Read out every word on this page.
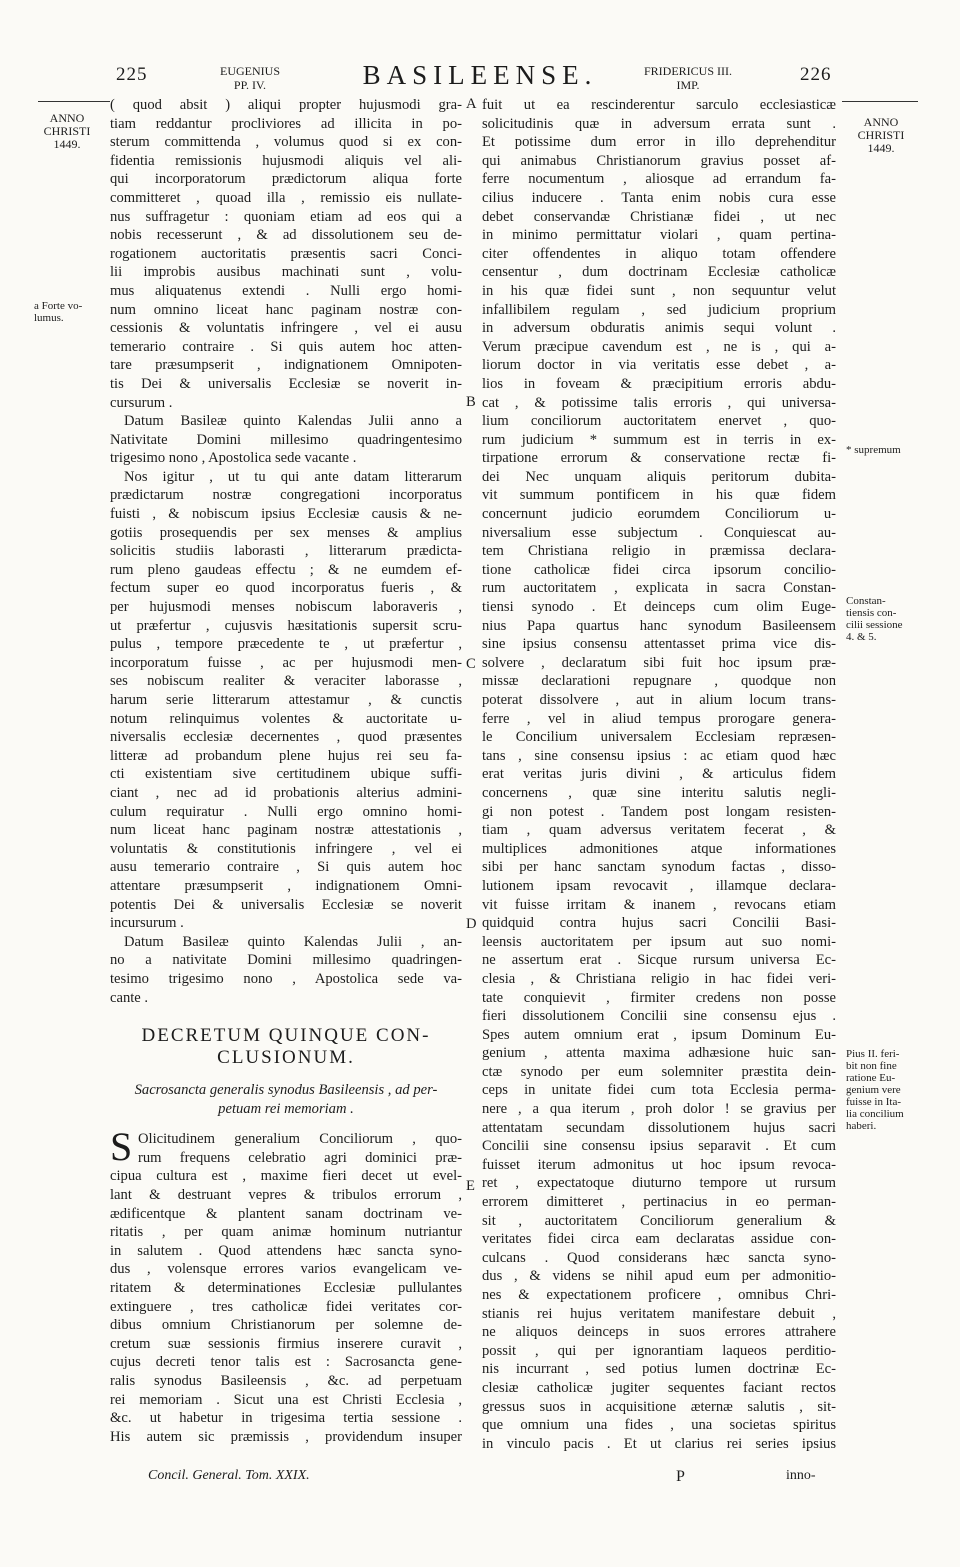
225	EUGENIUS
PP. IV.	BASILEENSE.	FRIDERICUS III.
IMP.	226
ANNO
CHRISTI
1449.
a Forte vo-
lumus.
ANNO
CHRISTI
1449.
* supremum
Constan-
tiensis con-
cilii sessione
4. & 5.
Pius II. feri-
bit non fine
ratione Eu-
genium vere
fuisse in Ita-
lia concilium
haberi.
A
B
C
D
E
( quod absit ) aliqui propter hujusmodi gra-
tiam reddantur procliviores ad illicita in po-
sterum committenda , volumus quod si ex con-
fidentia remissionis hujusmodi aliquis vel ali-
qui incorporatorum prædictorum aliqua forte
committeret , quoad illa , remissio eis nullate-
nus suffragetur : quoniam etiam ad eos qui a
nobis recesserunt , & ad dissolutionem seu de-
rogationem auctoritatis præsentis sacri Conci-
lii improbis ausibus machinati sunt , volu-
mus aliquatenus extendi . Nulli ergo homi-
num omnino liceat hanc paginam nostræ con-
cessionis & voluntatis infringere , vel ei ausu
temerario contraire . Si quis autem hoc atten-
tare præsumpserit , indignationem Omnipoten-
tis Dei & universalis Ecclesiæ se noverit in-
cursurum .
Datum Basileæ quinto Kalendas Julii anno a
Nativitate Domini millesimo quadringentesimo
trigesimo nono , Apostolica sede vacante .
Nos igitur , ut tu qui ante datam litterarum
prædictarum nostræ congregationi incorporatus
fuisti , & nobiscum ipsius Ecclesiæ causis & ne-
gotiis prosequendis per sex menses & amplius
solicitis studiis laborasti , litterarum prædicta-
rum pleno gaudeas effectu ; & ne eumdem ef-
fectum super eo quod incorporatus fueris , &
per hujusmodi menses nobiscum laboraveris ,
ut præfertur , cujusvis hæsitationis supersit scru-
pulus , tempore præcedente te , ut præfertur ,
incorporatum fuisse , ac per hujusmodi men-
ses nobiscum realiter & veraciter laborasse ,
harum serie litterarum attestamur , & cunctis
notum relinquimus volentes & auctoritate u-
niversalis ecclesiæ decernentes , quod præsentes
litteræ ad probandum plene hujus rei seu fa-
cti existentiam sive certitudinem ubique suffi-
ciant , nec ad id probationis alterius admini-
culum requiratur . Nulli ergo omnino homi-
num liceat hanc paginam nostræ attestationis ,
voluntatis & constitutionis infringere , vel ei
ausu temerario contraire , Si quis autem hoc
attentare præsumpserit , indignationem Omni-
potentis Dei & universalis Ecclesiæ se noverit
incursurum .
Datum Basileæ quinto Kalendas Julii , an-
no a nativitate Domini millesimo quadringen-
tesimo trigesimo nono , Apostolica sede va-
cante .
DECRETUM QUINQUE CON-
CLUSIONUM.
Sacrosancta generalis synodus Basileensis , ad per-
petuam rei memoriam .
S Olicitudinem generalium Conciliorum , quo-
rum frequens celebratio agri dominici præ-
cipua cultura est , maxime fieri decet ut evel-
lant & destruant vepres & tribulos errorum ,
ædificentque & plantent sanam doctrinam ve-
ritatis , per quam animæ hominum nutriantur
in salutem . Quod attendens hæc sancta syno-
dus , volensque errores varios evangelicam ve-
ritatem & determinationes Ecclesiæ pullulantes
extinguere , tres catholicæ fidei veritates cor-
dibus omnium Christianorum per solemne de-
cretum suæ sessionis firmius inserere curavit ,
cujus decreti tenor talis est : Sacrosancta gene-
ralis synodus Basileensis , &c. ad perpetuam
rei memoriam . Sicut una est Christi Ecclesia ,
&c. ut habetur in trigesima tertia sessione .
His autem sic præmissis , providendum insuper
fuit ut ea rescinderentur sarculo ecclesiasticæ
solicitudinis quæ in adversum errata sunt .
Et potissime dum error in illo deprehenditur
qui animabus Christianorum gravius posset af-
ferre nocumentum , aliosque ad errandum fa-
cilius inducere . Tanta enim nobis cura esse
debet conservandæ Christianæ fidei , ut nec
in minimo permittatur violari , quam pertina-
citer offendentes in aliquo totam offendere
censentur , dum doctrinam Ecclesiæ catholicæ
in his quæ fidei sunt , non sequuntur velut
infallibilem regulam , sed judicium proprium
in adversum obduratis animis sequi volunt .
Verum præcipue cavendum est , ne is , qui a-
liorum doctor in via veritatis esse debet , a-
lios in foveam & præcipitium erroris abdu-
cat , & potissime talis erroris , qui universa-
lium conciliorum auctoritatem enervet , quo-
rum judicium * summum est in terris in ex-
tirpatione errorum & conservatione rectæ fi-
dei Nec unquam aliquis peritorum dubita-
vit summum pontificem in his quæ fidem
concernunt judicio eorumdem Conciliorum u-
niversalium esse subjectum . Conquiescat au-
tem Christiana religio in præmissa declara-
tione catholicæ fidei circa ipsorum concilio-
rum auctoritatem , explicata in sacra Constan-
tiensi synodo . Et deinceps cum olim Euge-
nius Papa quartus hanc synodum Basileensem
sine ipsius consensu attentasset prima vice dis-
solvere , declaratum sibi fuit hoc ipsum præ-
missæ declarationi repugnare , quodque non
poterat dissolvere , aut in alium locum trans-
ferre , vel in aliud tempus prorogare genera-
le Concilium universalem Ecclesiam repræsen-
tans , sine consensu ipsius : ac etiam quod hæc
erat veritas juris divini , & articulus fidem
concernens , quæ sine interitu salutis negli-
gi non potest . Tandem post longam resisten-
tiam , quam adversus veritatem fecerat , &
multiplices admonitiones atque informationes
sibi per hanc sanctam synodum factas , disso-
lutionem ipsam revocavit , illamque declara-
vit fuisse irritam & inanem , revocans etiam
quidquid contra hujus sacri Concilii Basi-
leensis auctoritatem per ipsum aut suo nomi-
ne assertum erat . Sicque rursum universa Ec-
clesia , & Christiana religio in hac fidei veri-
tate conquievit , firmiter credens non posse
fieri dissolutionem Concilii sine consensu ejus .
Spes autem omnium erat , ipsum Dominum Eu-
genium , attenta maxima adhæsione huic san-
ctæ synodo per eum solemniter præstita dein-
ceps in unitate fidei cum tota Ecclesia perma-
nere , a qua iterum , proh dolor ! se gravius per
attentatam secundam dissolutionem hujus sacri
Concilii sine consensu ipsius separavit . Et cum
fuisset iterum admonitus ut hoc ipsum revoca-
ret , expectatoque diuturno tempore ut rursum
errorem dimitteret , pertinacius in eo perman-
sit , auctoritatem Conciliorum generalium &
veritates fidei circa eam declaratas assidue con-
culcans . Quod considerans hæc sancta syno-
dus , & videns se nihil apud eum per admonitio-
nes & expectationem proficere , omnibus Chri-
stianis rei hujus veritatem manifestare debuit ,
ne aliquos deinceps in suos errores attrahere
possit , qui per ignorantiam laqueos perditio-
nis incurrant , sed potius lumen doctrinæ Ec-
clesiæ catholicæ jugiter sequentes faciant rectos
gressus suos in acquisitione æternæ salutis , sit-
que omnium una fides , una societas spiritus
in vinculo pacis . Et ut clarius rei series ipsius
Concil. General. Tom. XXIX.	P	inno-
